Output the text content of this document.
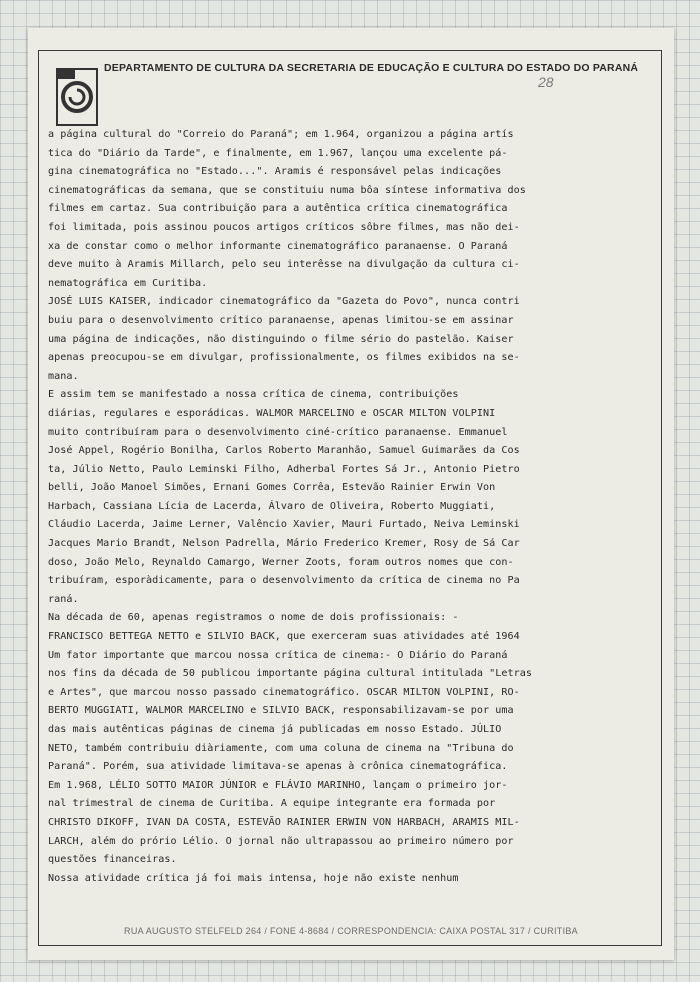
DEPARTAMENTO DE CULTURA DA SECRETARIA DE EDUCAÇÃO E CULTURA DO ESTADO DO PARANÁ
28
a página cultural do "Correio do Paraná"; em 1.964, organizou a página artís
tica do "Diário da Tarde", e finalmente, em 1.967, lançou uma excelente pá-
gina cinematográfica no "Estado...". Aramis é responsável pelas indicações
cinematográficas da semana, que se constituiu numa bôa síntese informativa dos
filmes em cartaz. Sua contribuição para a autêntica crítica cinematográfica
foi limitada, pois assinou poucos artigos críticos sôbre filmes, mas não dei-
xa de constar como o melhor informante cinematográfico paranaense. O Paraná
deve muito à Aramis Millarch, pelo seu interêsse na divulgação da cultura ci-
nematográfica em Curitiba.
JOSÉ LUIS KAISER, indicador cinematográfico da "Gazeta do Povo", nunca contri
buiu para o desenvolvimento crítico paranaense, apenas limitou-se em assinar
uma página de indicações, não distinguindo o filme sério do pastelão. Kaiser
apenas preocupou-se em divulgar, profissionalmente, os filmes exibidos na se-
mana.
E assim tem se manifestado a nossa crítica de cinema, contribuições
diárias, regulares e esporádicas. WALMOR MARCELINO e OSCAR MILTON VOLPINI
muito contribuíram para o desenvolvimento ciné-crítico paranaense. Emmanuel
José Appel, Rogério Bonilha, Carlos Roberto Maranhão, Samuel Guimarães da Cos
ta, Júlio Netto, Paulo Leminski Filho, Adherbal Fortes Sá Jr., Antonio Pietro
belli, João Manoel Simões, Ernani Gomes Corrêa, Estevão Rainier Erwin Von
Harbach, Cassiana Lícia de Lacerda, Álvaro de Oliveira, Roberto Muggiati,
Cláudio Lacerda, Jaime Lerner, Valêncio Xavier, Mauri Furtado, Neiva Leminski
Jacques Mario Brandt, Nelson Padrella, Mário Frederico Kremer, Rosy de Sá Car
doso, João Melo, Reynaldo Camargo, Werner Zoots, foram outros nomes que con-
tribuíram, esporàdicamente, para o desenvolvimento da crítica de cinema no Pa
raná.
Na década de 60, apenas registramos o nome de dois profissionais: -
FRANCISCO BETTEGA NETTO e SILVIO BACK, que exerceram suas atividades até 1964
Um fator importante que marcou nossa crítica de cinema:- O Diário do Paraná
nos fins da década de 50 publicou importante página cultural intitulada "Letras
e Artes", que marcou nosso passado cinematográfico. OSCAR MILTON VOLPINI, RO-
BERTO MUGGIATI, WALMOR MARCELINO e SILVIO BACK, responsabilizavam-se por uma
das mais autênticas páginas de cinema já publicadas em nosso Estado. JÚLIO
NETO, também contribuiu diàriamente, com uma coluna de cinema na "Tribuna do
Paraná". Porém, sua atividade limitava-se apenas à crônica cinematográfica.
Em 1.968, LÉLIO SOTTO MAIOR JÚNIOR e FLÁVIO MARINHO, lançam o primeiro jor-
nal trimestral de cinema de Curitiba. A equipe integrante era formada por
CHRISTO DIKOFF, IVAN DA COSTA, ESTEVÃO RAINIER ERWIN VON HARBACH, ARAMIS MIL-
LARCH, além do prório Lélio. O jornal não ultrapassou ao primeiro número por
questões financeiras.
Nossa atividade crítica já foi mais intensa, hoje não existe nenhum
RUA AUGUSTO STELFELD 264 / FONE 4-8684 / CORRESPONDENCIA: CAIXA POSTAL 317 / CURITIBA
